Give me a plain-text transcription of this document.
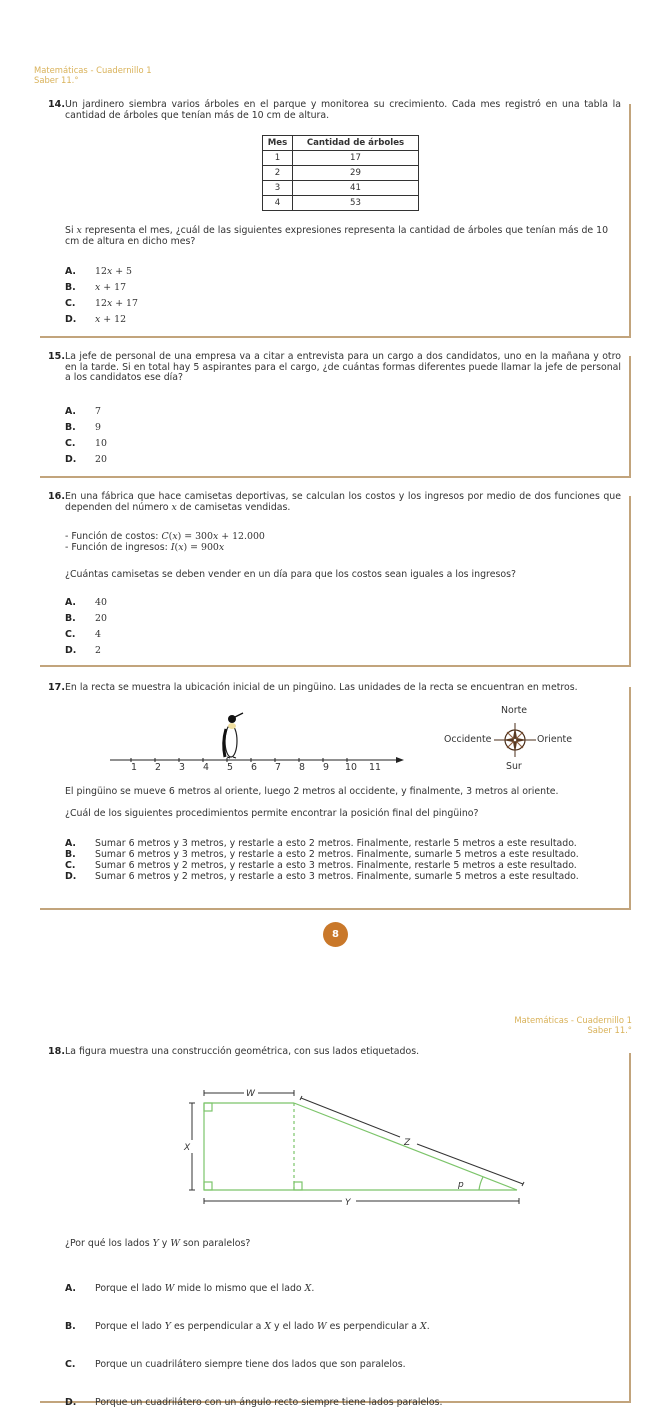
Matemáticas - Cuadernillo 1
Saber 11.°
14. Un jardinero siembra varios árboles en el parque y monitorea su crecimiento. Cada mes registró en una tabla la cantidad de árboles que tenían más de 10 cm de altura.
Si x representa el mes, ¿cuál de las siguientes expresiones representa la cantidad de árboles que tenían más de 10 cm de altura en dicho mes?
A.	12x + 5
B.	x + 17
C.	12x + 17
D.	x + 12
Mes	Cantidad de árboles
1	17
2	29
3	41
4	53
15. La jefe de personal de una empresa va a citar a entrevista para un cargo a dos candidatos, uno en la mañana y otro en la tarde. Si en total hay 5 aspirantes para el cargo, ¿de cuántas formas diferentes puede llamar la jefe de personal a los candidatos ese día?
A.	7
B.	9
C.	10
D.	20
16. En una fábrica que hace camisetas deportivas, se calculan los costos y los ingresos por medio de dos funciones que dependen del número x de camisetas vendidas.
- Función de costos: C(x) = 300x + 12.000
- Función de ingresos: I(x) = 900x
¿Cuántas camisetas se deben vender en un día para que los costos sean iguales a los ingresos?
A.	40
B.	20
C.	4
D.	2
17. En la recta se muestra la ubicación inicial de un pingüino. Las unidades de la recta se encuentran en metros.
1 2 3 4 5 6 7 8 9 10 11
Norte
Occidente	Oriente
Sur
El pingüino se mueve 6 metros al oriente, luego 2 metros al occidente, y finalmente, 3 metros al oriente.
¿Cuál de los siguientes procedimientos permite encontrar la posición final del pingüino?
A.	Sumar 6 metros y 3 metros, y restarle a esto 2 metros. Finalmente, restarle 5 metros a este resultado.
B.	Sumar 6 metros y 3 metros, y restarle a esto 2 metros. Finalmente, sumarle 5 metros a este resultado.
C.	Sumar 6 metros y 2 metros, y restarle a esto 3 metros. Finalmente, restarle 5 metros a este resultado.
D.	Sumar 6 metros y 2 metros, y restarle a esto 3 metros. Finalmente, sumarle 5 metros a este resultado.
8
Matemáticas - Cuadernillo 1
Saber 11.°
18. La figura muestra una construcción geométrica, con sus lados etiquetados.
W
X
Y
Z
p
¿Por qué los lados Y y W son paralelos?
A.	Porque el lado W mide lo mismo que el lado X.
B.	Porque el lado Y es perpendicular a X y el lado W es perpendicular a X.
C.	Porque un cuadrilátero siempre tiene dos lados que son paralelos.
D.	Porque un cuadrilátero con un ángulo recto siempre tiene lados paralelos.
